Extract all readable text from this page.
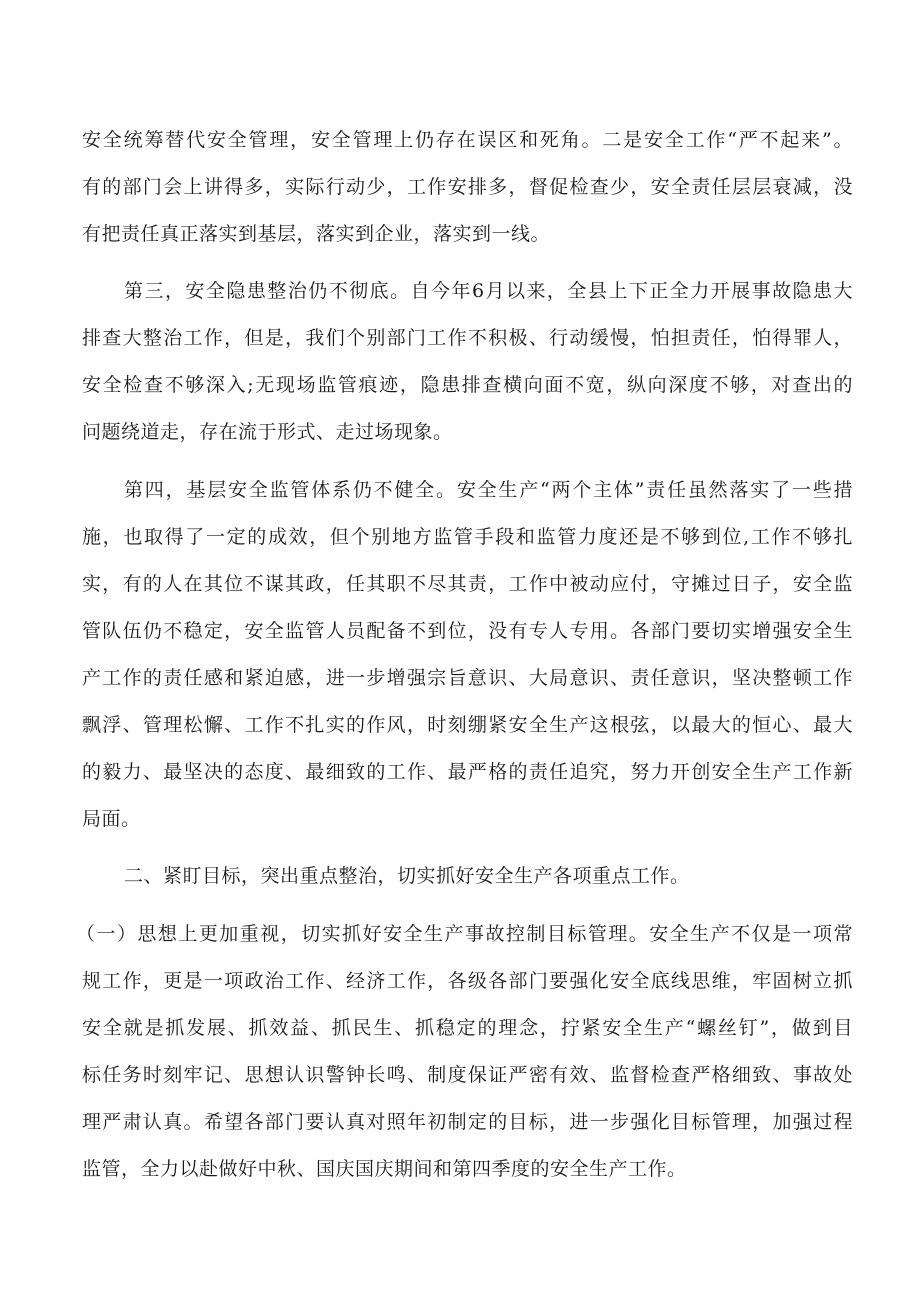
安全统筹替代安全管理，安全管理上仍存在误区和死角。二是安全工作“严不起来”。

有的部门会上讲得多，实际行动少，工作安排多，督促检查少，安全责任层层衰减，没

有把责任真正落实到基层，落实到企业，落实到一线。

第三，安全隐患整治仍不彻底。自今年6月以来，全县上下正全力开展事故隐患大

排查大整治工作，但是，我们个别部门工作不积极、行动缓慢，怕担责任，怕得罪人，

安全检查不够深入;无现场监管痕迹，隐患排查横向面不宽，纵向深度不够，对查出的

问题绕道走，存在流于形式、走过场现象。

第四，基层安全监管体系仍不健全。安全生产“两个主体”责任虽然落实了一些措

施，也取得了一定的成效，但个别地方监管手段和监管力度还是不够到位,工作不够扎

实，有的人在其位不谋其政，任其职不尽其责，工作中被动应付，守摊过日子，安全监

管队伍仍不稳定，安全监管人员配备不到位，没有专人专用。各部门要切实增强安全生

产工作的责任感和紧迫感，进一步增强宗旨意识、大局意识、责任意识，坚决整顿工作

飘浮、管理松懈、工作不扎实的作风，时刻绷紧安全生产这根弦，以最大的恒心、最大

的毅力、最坚决的态度、最细致的工作、最严格的责任追究，努力开创安全生产工作新

局面。

二、紧盯目标，突出重点整治，切实抓好安全生产各项重点工作。

（一）思想上更加重视，切实抓好安全生产事故控制目标管理。安全生产不仅是一项常

规工作，更是一项政治工作、经济工作，各级各部门要强化安全底线思维，牢固树立抓

安全就是抓发展、抓效益、抓民生、抓稳定的理念，拧紧安全生产“螺丝钉”，做到目

标任务时刻牢记、思想认识警钟长鸣、制度保证严密有效、监督检查严格细致、事故处

理严肃认真。希望各部门要认真对照年初制定的目标，进一步强化目标管理，加强过程

监管，全力以赴做好中秋、国庆国庆期间和第四季度的安全生产工作。
